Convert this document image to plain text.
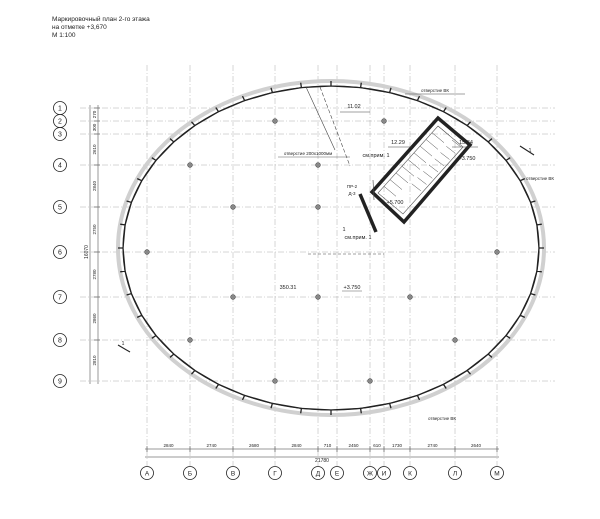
Маркировочный план 2-го этажа
на отметке +3,670
М 1:100
1
2
3
4
5
6
7
8
9
А	Б	В	Г	Д Е	Ж И	К	Л	М
270
300
2610
2840
2750
2780
2860
2810
2840	2740	2680	2840	710	2450	610 1730	2740	2640
16070
21780
350.31	+3.750
11.02
12.29	15.34
+3.750
+5.700
отверстие 200х1000мм
отверстие ВК
отверстие ВК
отверстие ВК
см.прим. 1
см.прим. 1
1
ПР-2
Д-3
1
1
